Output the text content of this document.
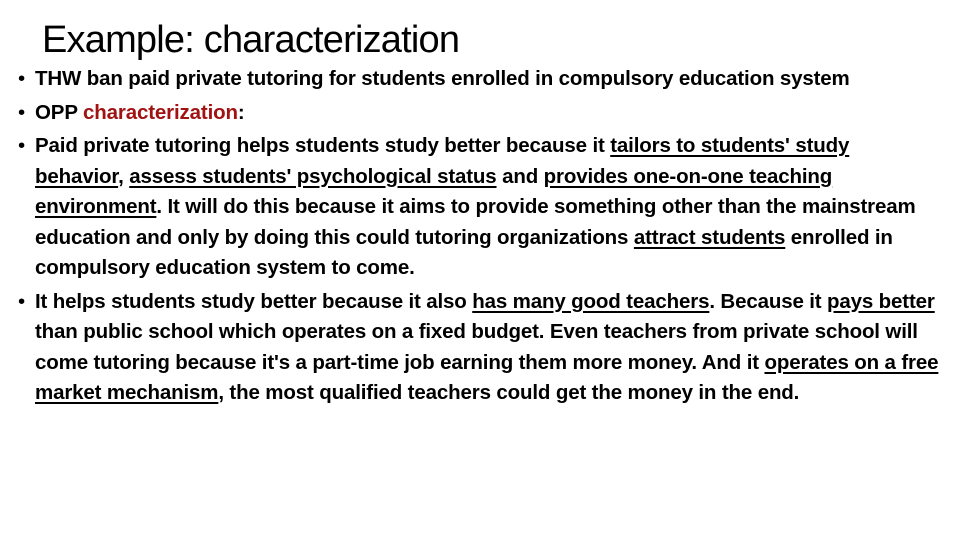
Example: characterization
• THW ban paid private tutoring for students enrolled in compulsory education system
• OPP characterization:
• Paid private tutoring helps students study better because it tailors to students' study behavior, assess students' psychological status and provides one-on-one teaching environment. It will do this because it aims to provide something other than the mainstream education and only by doing this could tutoring organizations attract students enrolled in compulsory education system to come.
• It helps students study better because it also has many good teachers. Because it pays better than public school which operates on a fixed budget. Even teachers from private school will come tutoring because it's a part-time job earning them more money. And it operates on a free market mechanism, the most qualified teachers could get the money in the end.
